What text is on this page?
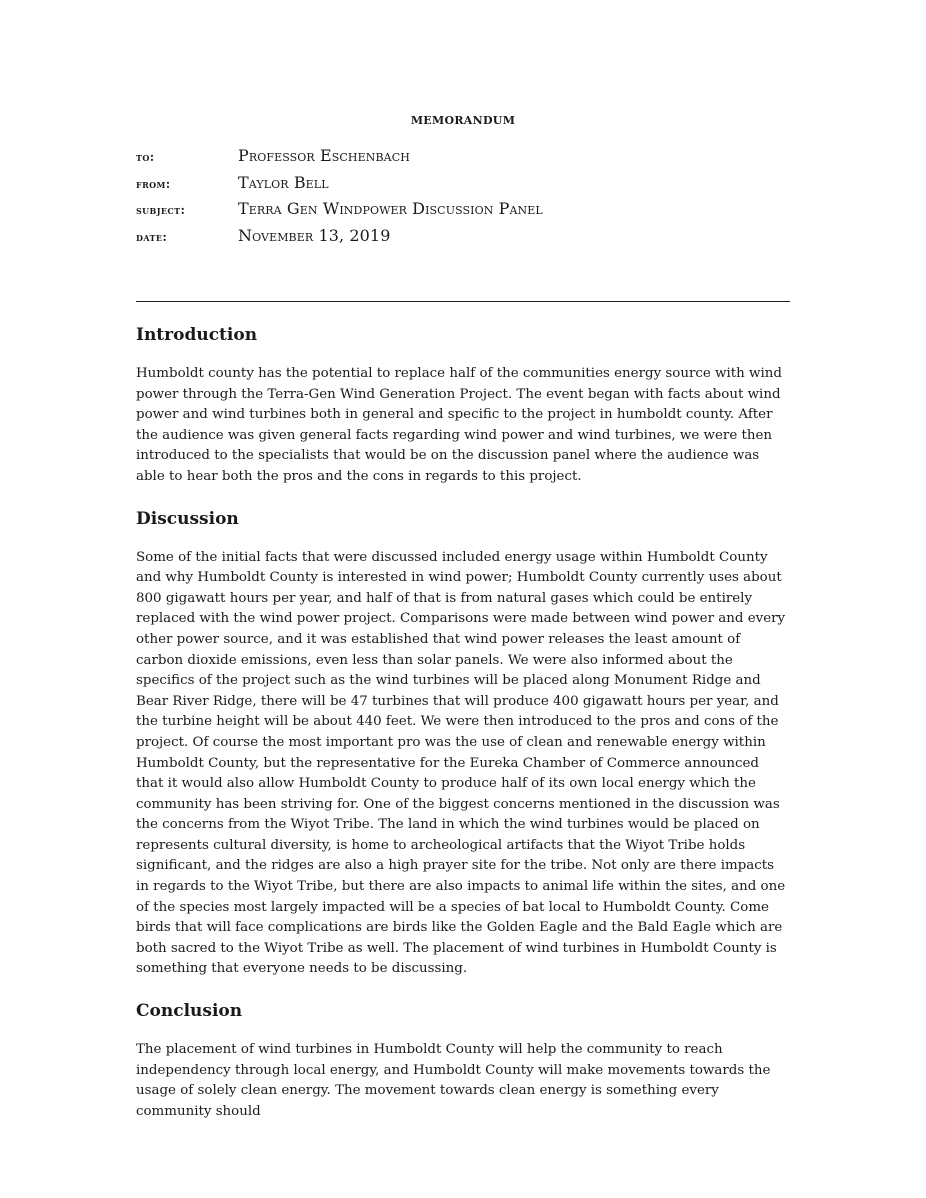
MEMORANDUM
to:	Professor Eschenbach
from:	Taylor Bell
subject:	Terra Gen Windpower Discussion Panel
date:	November 13, 2019
Introduction

Humboldt county has the potential to replace half of the communities energy source with wind power through the Terra-Gen Wind Generation Project. The event began with facts about wind power and wind turbines both in general and specific to the project in humboldt county. After the audience was given general facts regarding wind power and wind turbines, we were then introduced to the specialists that would be on the discussion panel where the audience was able to hear both the pros and the cons in regards to this project.

Discussion

Some of the initial facts that were discussed included energy usage within Humboldt County and why Humboldt County is interested in wind power; Humboldt County currently uses about 800 gigawatt hours per year, and half of that is from natural gases which could be entirely replaced with the wind power project. Comparisons were made between wind power and every other power source, and it was established that wind power releases the least amount of carbon dioxide emissions, even less than solar panels. We were also informed about the specifics of the project such as the wind turbines will be placed along Monument Ridge and Bear River Ridge, there will be 47 turbines that will produce 400 gigawatt hours per year, and the turbine height will be about 440 feet. We were then introduced to the pros and cons of the project. Of course the most important pro was the use of clean and renewable energy within Humboldt County, but the representative for the Eureka Chamber of Commerce announced that it would also allow Humboldt County to produce half of its own local energy which the community has been striving for. One of the biggest concerns mentioned in the discussion was the concerns from the Wiyot Tribe. The land in which the wind turbines would be placed on represents cultural diversity, is home to archeological artifacts that the Wiyot Tribe holds significant, and the ridges are also a high prayer site for the tribe. Not only are there impacts in regards to the Wiyot Tribe, but there are also impacts to animal life within the sites, and one of the species most largely impacted will be a species of bat local to Humboldt County. Come birds that will face complications are birds like the Golden Eagle and the Bald Eagle which are both sacred to the Wiyot Tribe as well. The placement of wind turbines in Humboldt County is something that everyone needs to be discussing.

Conclusion

The placement of wind turbines in Humboldt County will help the community to reach independency through local energy, and Humboldt County will make movements towards the usage of solely clean energy. The movement towards clean energy is something every community should
